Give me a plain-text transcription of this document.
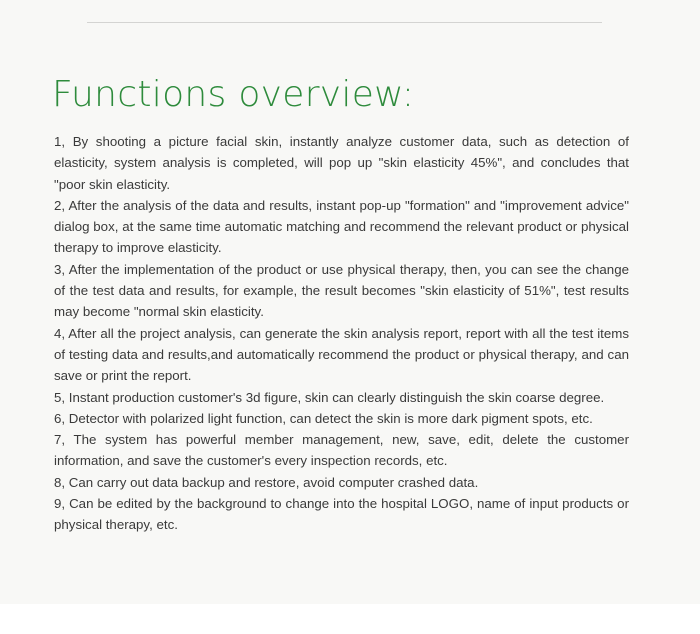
Functions overview:

1, By shooting a picture facial skin, instantly analyze customer data, such as detection of elasticity, system analysis is completed, will pop up "skin elasticity 45%", and concludes that "poor skin elasticity.

2, After the analysis of the data and results, instant pop-up "formation" and "improvement advice" dialog box, at the same time automatic matching and recommend the relevant product or physical therapy to improve elasticity.

3, After the implementation of the product or use physical therapy, then, you can see the change of the test data and results, for example, the result becomes "skin elasticity of 51%", test results may become "normal skin elasticity.

4, After all the project analysis, can generate the skin analysis report, report with all the test items of testing data and results,and automatically recommend the product or physical therapy, and can save or print the report.

5, Instant production customer's 3d figure, skin can clearly distinguish the skin coarse degree.

6, Detector with polarized light function, can detect the skin is more dark pigment spots, etc.

7, The system has powerful member management, new, save, edit, delete the customer information, and save the customer's every inspection records, etc.

8, Can carry out data backup and restore, avoid computer crashed data.

9, Can be edited by the background to change into the hospital LOGO, name of input products or physical therapy, etc.
